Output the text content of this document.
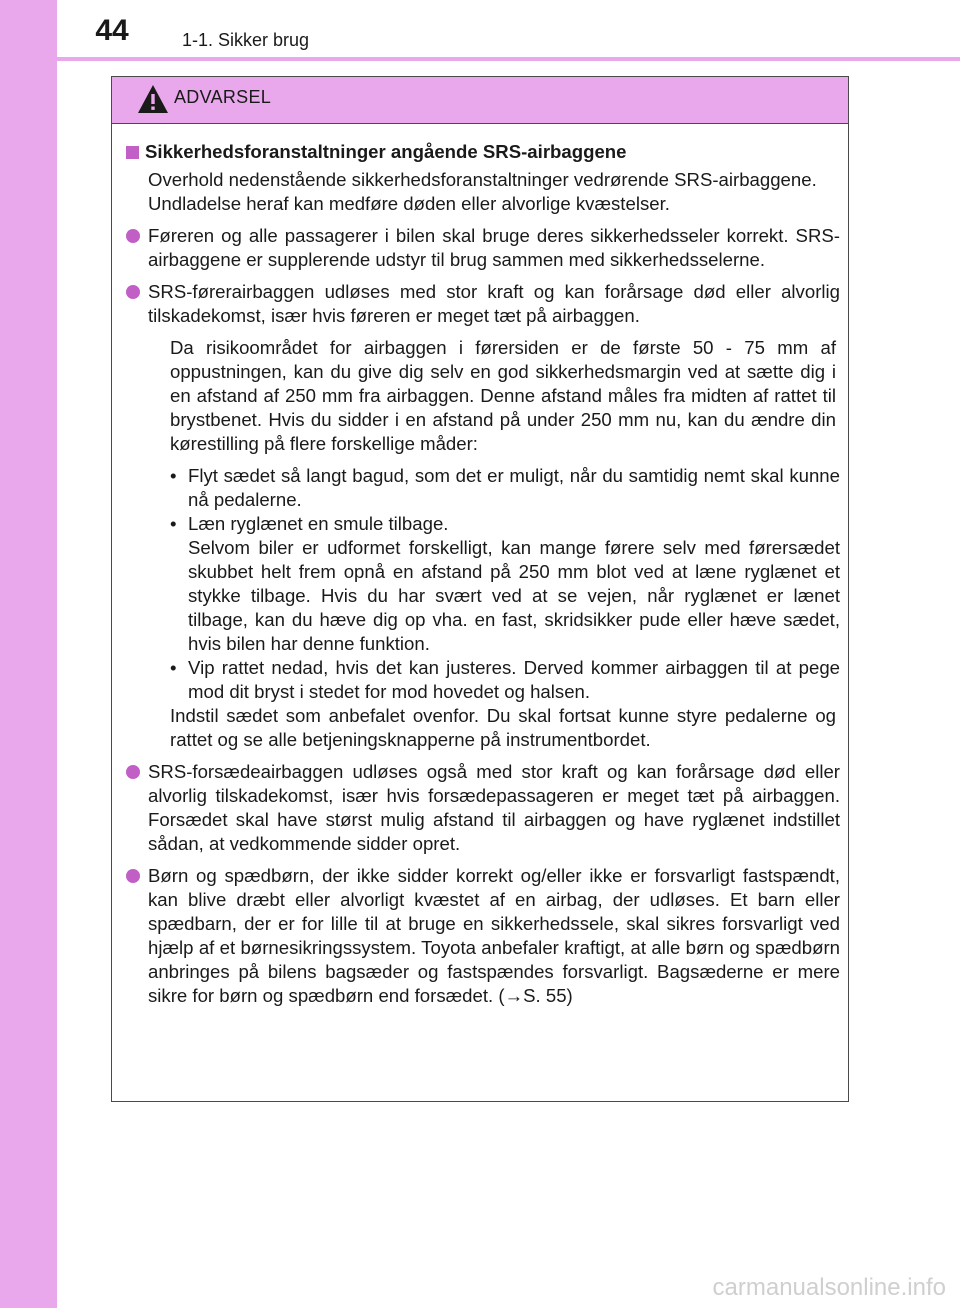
44	1-1. Sikker brug
ADVARSEL
Sikkerhedsforanstaltninger angående SRS-airbaggene

Overhold nedenstående sikkerhedsforanstaltninger vedrørende SRS-airbaggene.

Undladelse heraf kan medføre døden eller alvorlige kvæstelser.

Føreren og alle passagerer i bilen skal bruge deres sikkerhedsseler korrekt. SRS-airbaggene er supplerende udstyr til brug sammen med sikkerhedsselerne.
SRS-førerairbaggen udløses med stor kraft og kan forårsage død eller alvorlig tilskadekomst, især hvis føreren er meget tæt på airbaggen.

Da risikoområdet for airbaggen i førersiden er de første 50 - 75 mm af oppustningen, kan du give dig selv en god sikkerhedsmargin ved at sætte dig i en afstand af 250 mm fra airbaggen. Denne afstand måles fra midten af rattet til brystbenet. Hvis du sidder i en afstand på under 250 mm nu, kan du ændre din kørestilling på flere forskellige måder:

• Flyt sædet så langt bagud, som det er muligt, når du samtidig nemt skal kunne nå pedalerne.
• Læn ryglænet en smule tilbage.
Selvom biler er udformet forskelligt, kan mange førere selv med førersædet skubbet helt frem opnå en afstand på 250 mm blot ved at læne ryglænet et stykke tilbage. Hvis du har svært ved at se vejen, når ryglænet er lænet tilbage, kan du hæve dig op vha. en fast, skridsikker pude eller hæve sædet, hvis bilen har denne funktion.
• Vip rattet nedad, hvis det kan justeres. Derved kommer airbaggen til at pege mod dit bryst i stedet for mod hovedet og halsen.

Indstil sædet som anbefalet ovenfor. Du skal fortsat kunne styre pedalerne og rattet og se alle betjeningsknapperne på instrumentbordet.

SRS-forsædeairbaggen udløses også med stor kraft og kan forårsage død eller alvorlig tilskadekomst, især hvis forsædepassageren er meget tæt på airbaggen. Forsædet skal have størst mulig afstand til airbaggen og have ryglænet indstillet sådan, at vedkommende sidder opret.
Børn og spædbørn, der ikke sidder korrekt og/eller ikke er forsvarligt fastspændt, kan blive dræbt eller alvorligt kvæstet af en airbag, der udløses. Et barn eller spædbarn, der er for lille til at bruge en sikkerhedssele, skal sikres forsvarligt ved hjælp af et børnesikringssystem. Toyota anbefaler kraftigt, at alle børn og spædbørn anbringes på bilens bagsæder og fastspændes forsvarligt. Bagsæderne er mere sikre for børn og spædbørn end forsædet. (→S. 55)
carmanualsonline.info
